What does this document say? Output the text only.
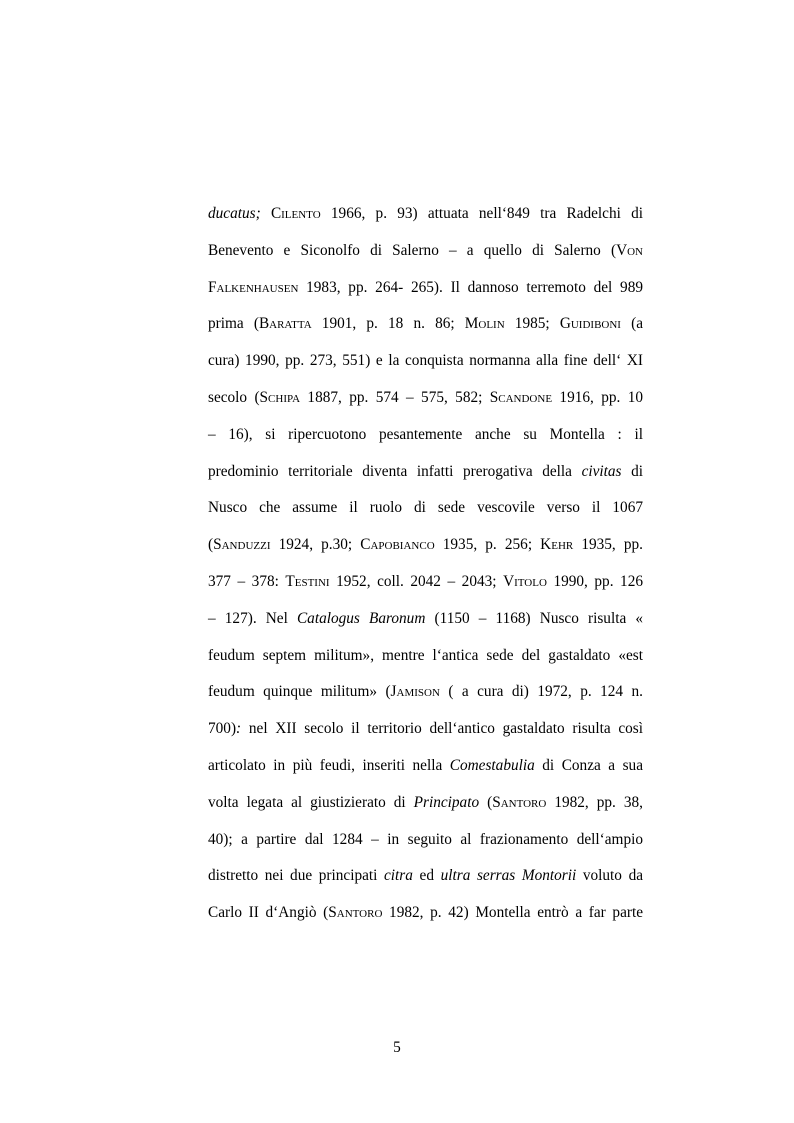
ducatus; Cilento 1966, p. 93) attuata nell‘849 tra Radelchi di
Benevento e Siconolfo di Salerno – a quello di Salerno (Von
Falkenhausen 1983, pp. 264- 265). Il dannoso terremoto del 989
prima (Baratta 1901, p. 18 n. 86; Molin 1985; Guidiboni (a
cura) 1990, pp. 273, 551) e la conquista normanna alla fine dell‘ XI
secolo (Schipa 1887, pp. 574 – 575, 582; Scandone 1916, pp. 10
– 16), si ripercuotono pesantemente anche su Montella : il
predominio territoriale diventa infatti prerogativa della civitas di
Nusco che assume il ruolo di sede vescovile verso il 1067
(Sanduzzi 1924, p.30; Capobianco 1935, p. 256; Kehr 1935, pp.
377 – 378: Testini 1952, coll. 2042 – 2043; Vitolo 1990, pp. 126
– 127). Nel Catalogus Baronum (1150 – 1168) Nusco risulta «
feudum septem militum», mentre l‘antica sede del gastaldato «est
feudum quinque militum» (Jamison ( a cura di) 1972, p. 124 n.
700): nel XII secolo il territorio dell‘antico gastaldato risulta così
articolato in più feudi, inseriti nella Comestabulia di Conza a sua
volta legata al giustizierato di Principato (Santoro 1982, pp. 38,
40); a partire dal 1284 – in seguito al frazionamento dell‘ampio
distretto nei due principati citra ed ultra serras Montorii voluto da
Carlo II d‘Angiò (Santoro 1982, p. 42) Montella entrò a far parte
5
